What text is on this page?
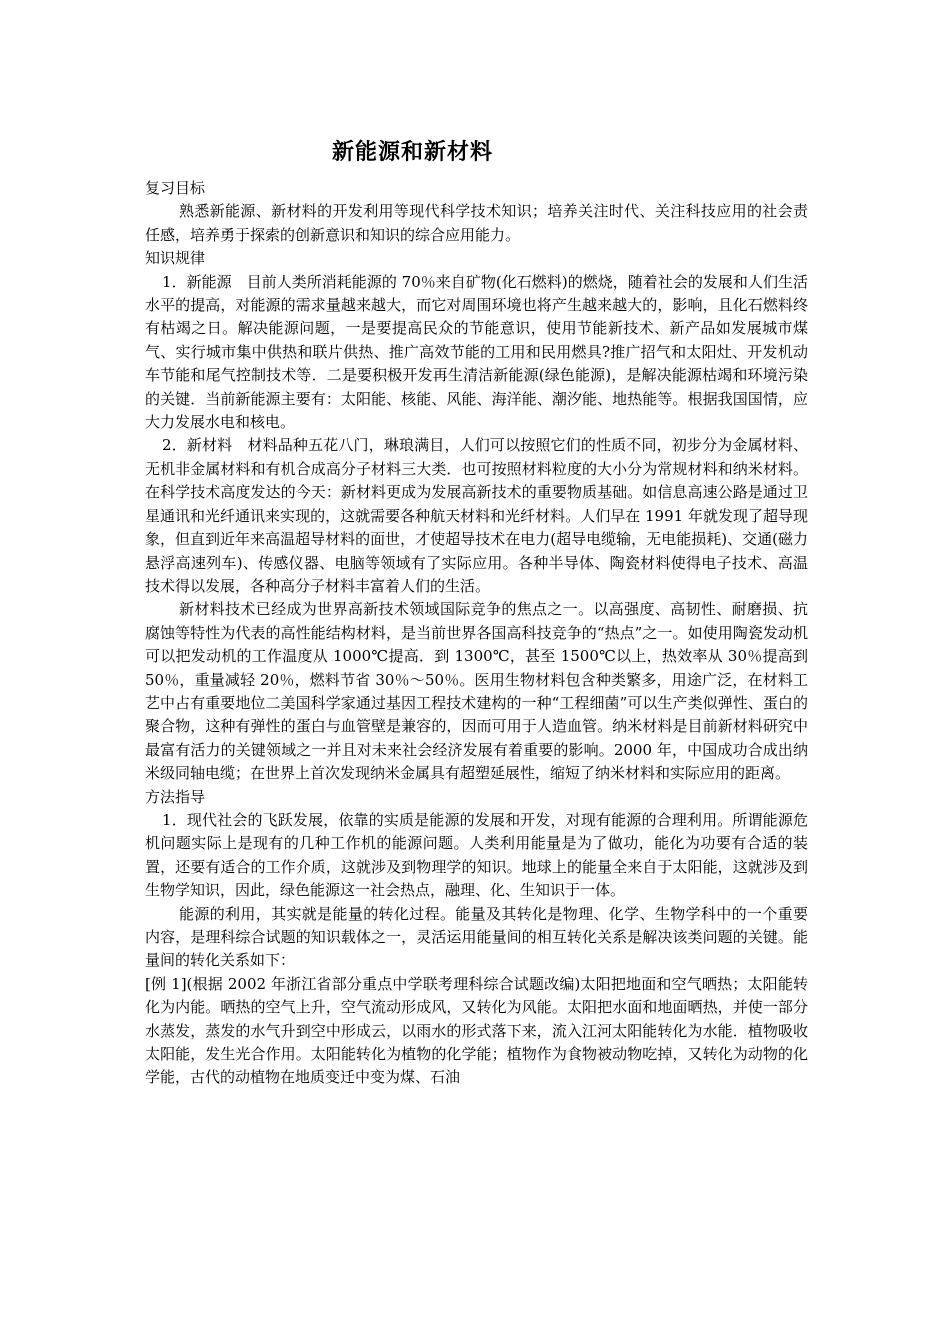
新能源和新材料

复习目标

熟悉新能源、新材料的开发利用等现代科学技术知识；培养关注时代、关注科技应用的社会责任感，培养勇于探索的创新意识和知识的综合应用能力。

知识规律

1．新能源　目前人类所消耗能源的 70％来自矿物(化石燃料)的燃烧，随着社会的发展和人们生活水平的提高，对能源的需求量越来越大，而它对周围环境也将产生越来越大的，影响，且化石燃料终有枯竭之日。解决能源问题，一是要提高民众的节能意识，使用节能新技术、新产品如发展城市煤气、实行城市集中供热和联片供热、推广高效节能的工用和民用燃具?推广招气和太阳灶、开发机动车节能和尾气控制技术等．二是要积极开发再生清洁新能源(绿色能源)，是解决能源枯竭和环境污染的关键．当前新能源主要有：太阳能、核能、风能、海洋能、潮汐能、地热能等。根据我国国情，应大力发展水电和核电。

2．新材料　材料品种五花八门，琳琅满目，人们可以按照它们的性质不同，初步分为金属材料、无机非金属材料和有机合成高分子材料三大类．也可按照材料粒度的大小分为常规材料和纳米材料。在科学技术高度发达的今天：新材料更成为发展高新技术的重要物质基础。如信息高速公路是通过卫星通讯和光纤通讯来实现的，这就需要各种航天材料和光纤材料。人们早在 1991 年就发现了超导现象，但直到近年来高温超导材料的面世，才使超导技术在电力(超导电缆输，无电能损耗)、交通(磁力悬浮高速列车)、传感仪器、电脑等领域有了实际应用。各种半导体、陶瓷材料使得电子技术、高温技术得以发展，各种高分子材料丰富着人们的生活。

新材料技术已经成为世界高新技术领域国际竞争的焦点之一。以高强度、高韧性、耐磨损、抗腐蚀等特性为代表的高性能结构材料，是当前世界各国高科技竞争的“热点”之一。如使用陶瓷发动机可以把发动机的工作温度从 1000℃提高．到 1300℃，甚至 1500℃以上，热效率从 30％提高到 50％，重量减轻 20％，燃料节省 30％～50％。医用生物材料包含种类繁多，用途广泛，在材料工艺中占有重要地位二美国科学家通过基因工程技术建构的一种“工程细菌”可以生产类似弹性、蛋白的聚合物，这种有弹性的蛋白与血管壁是兼容的，因而可用于人造血管。纳米材料是目前新材料研究中最富有活力的关键领域之一并且对未来社会经济发展有着重要的影响。2000 年，中国成功合成出纳米级同轴电缆；在世界上首次发现纳米金属具有超塑延展性，缩短了纳米材料和实际应用的距离。

方法指导

1．现代社会的飞跃发展，依靠的实质是能源的发展和开发，对现有能源的合理利用。所谓能源危机问题实际上是现有的几种工作机的能源问题。人类利用能量是为了做功，能化为功要有合适的装置，还要有适合的工作介质，这就涉及到物理学的知识。地球上的能量全来自于太阳能，这就涉及到生物学知识，因此，绿色能源这一社会热点，融理、化、生知识于一体。

能源的利用，其实就是能量的转化过程。能量及其转化是物理、化学、生物学科中的一个重要内容，是理科综合试题的知识载体之一，灵活运用能量间的相互转化关系是解决该类问题的关键。能量间的转化关系如下：

[例 1](根据 2002 年浙江省部分重点中学联考理科综合试题改编)太阳把地面和空气晒热；太阳能转化为内能。晒热的空气上升，空气流动形成风，又转化为风能。太阳把水面和地面晒热，并使一部分水蒸发，蒸发的水气升到空中形成云，以雨水的形式落下来，流入江河太阳能转化为水能．植物吸收太阳能，发生光合作用。太阳能转化为植物的化学能；植物作为食物被动物吃掉，又转化为动物的化学能，古代的动植物在地质变迁中变为煤、石油
